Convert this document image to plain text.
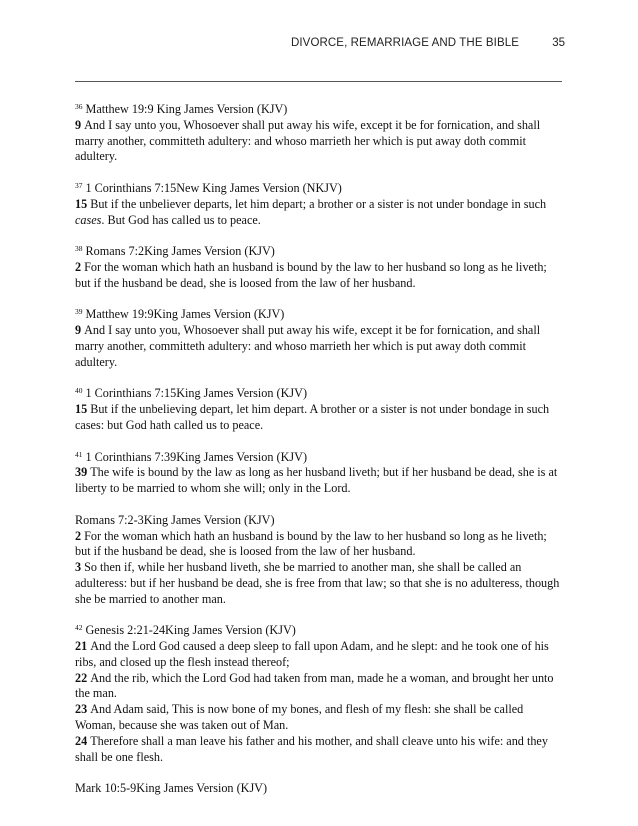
DIVORCE, REMARRIAGE AND THE BIBLE	35
$^{36}$ Matthew 19:9 King James Version (KJV)
9 And I say unto you, Whosoever shall put away his wife, except it be for fornication, and shall marry another, committeth adultery: and whoso marrieth her which is put away doth commit adultery.
$^{37}$ 1 Corinthians 7:15New King James Version (NKJV)
15 But if the unbeliever departs, let him depart; a brother or a sister is not under bondage in such cases. But God has called us to peace.
$^{38}$ Romans 7:2King James Version (KJV)
2 For the woman which hath an husband is bound by the law to her husband so long as he liveth; but if the husband be dead, she is loosed from the law of her husband.
$^{39}$ Matthew 19:9King James Version (KJV)
9 And I say unto you, Whosoever shall put away his wife, except it be for fornication, and shall marry another, committeth adultery: and whoso marrieth her which is put away doth commit adultery.
$^{40}$ 1 Corinthians 7:15King James Version (KJV)
15 But if the unbelieving depart, let him depart. A brother or a sister is not under bondage in such cases: but God hath called us to peace.
$^{41}$ 1 Corinthians 7:39King James Version (KJV)
39 The wife is bound by the law as long as her husband liveth; but if her husband be dead, she is at liberty to be married to whom she will; only in the Lord.
Romans 7:2-3King James Version (KJV)
2 For the woman which hath an husband is bound by the law to her husband so long as he liveth; but if the husband be dead, she is loosed from the law of her husband.
3 So then if, while her husband liveth, she be married to another man, she shall be called an adulteress: but if her husband be dead, she is free from that law; so that she is no adulteress, though she be married to another man.
$^{42}$ Genesis 2:21-24King James Version (KJV)
21 And the Lord God caused a deep sleep to fall upon Adam, and he slept: and he took one of his ribs, and closed up the flesh instead thereof;
22 And the rib, which the Lord God had taken from man, made he a woman, and brought her unto the man.
23 And Adam said, This is now bone of my bones, and flesh of my flesh: she shall be called Woman, because she was taken out of Man.
24 Therefore shall a man leave his father and his mother, and shall cleave unto his wife: and they shall be one flesh.
Mark 10:5-9King James Version (KJV)
